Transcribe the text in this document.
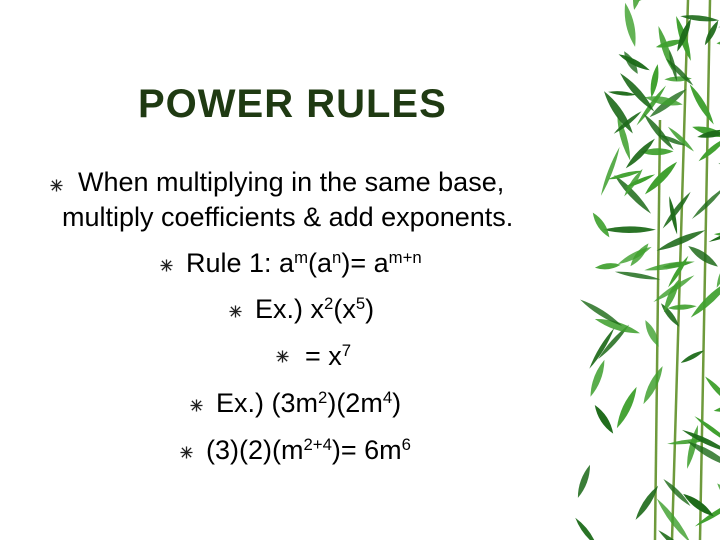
POWER RULES
When multiplying in the same base,
multiply coefficients & add exponents.
Rule 1: $a^m(a^n)= a^{m+n}$
Ex.) $x^2(x^5)$
= $x^7$
Ex.) $(3m^2)(2m^4)$
$(3)(2)(m^{2+4})= 6m^6$
